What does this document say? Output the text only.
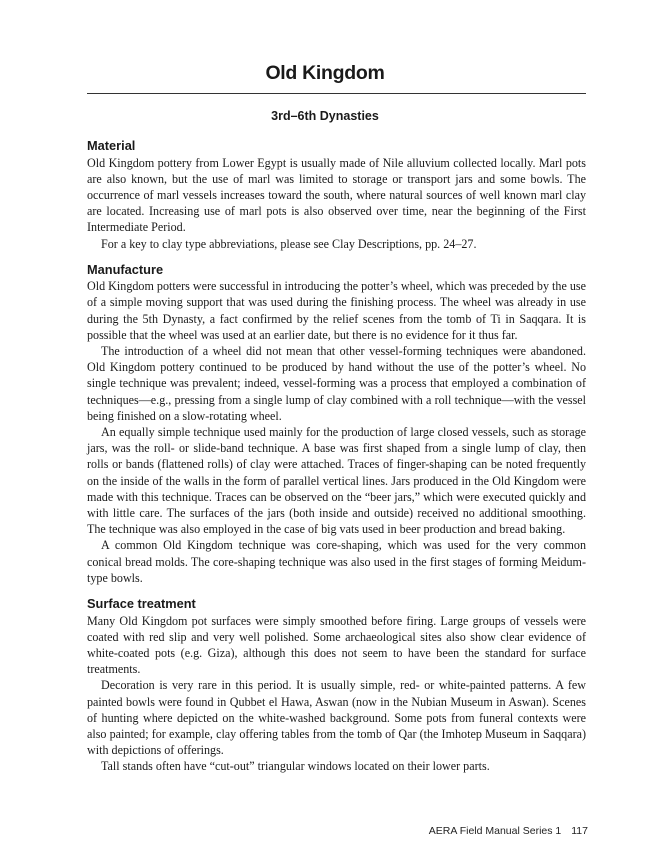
Old Kingdom
3rd–6th Dynasties
Material

Old Kingdom pottery from Lower Egypt is usually made of Nile alluvium collected locally. Marl pots are also known, but the use of marl was limited to storage or transport jars and some bowls. The occurrence of marl vessels increases toward the south, where natural sources of well known marl clay are located. Increasing use of marl pots is also observed over time, near the beginning of the First Intermediate Period.

For a key to clay type abbreviations, please see Clay Descriptions, pp. 24–27.

Manufacture

Old Kingdom potters were successful in introducing the potter’s wheel, which was preceded by the use of a simple moving support that was used during the finishing process. The wheel was already in use during the 5th Dynasty, a fact confirmed by the relief scenes from the tomb of Ti in Saqqara. It is possible that the wheel was used at an earlier date, but there is no evidence for it thus far.

The introduction of a wheel did not mean that other vessel-forming techniques were abandoned. Old Kingdom pottery continued to be produced by hand without the use of the potter’s wheel. No single technique was prevalent; indeed, vessel-forming was a process that employed a combination of techniques—e.g., pressing from a single lump of clay combined with a roll technique—with the vessel being finished on a slow-rotating wheel.

An equally simple technique used mainly for the production of large closed vessels, such as storage jars, was the roll- or slide-band technique. A base was first shaped from a single lump of clay, then rolls or bands (flattened rolls) of clay were attached. Traces of finger-shaping can be noted frequently on the inside of the walls in the form of parallel vertical lines. Jars produced in the Old Kingdom were made with this technique. Traces can be observed on the “beer jars,” which were executed quickly and with little care. The surfaces of the jars (both inside and outside) received no additional smoothing. The technique was also employed in the case of big vats used in beer production and bread baking.

A common Old Kingdom technique was core-shaping, which was used for the very common conical bread molds. The core-shaping technique was also used in the first stages of forming Meidum-type bowls.

Surface treatment

Many Old Kingdom pot surfaces were simply smoothed before firing. Large groups of vessels were coated with red slip and very well polished. Some archaeological sites also show clear evidence of white-coated pots (e.g. Giza), although this does not seem to have been the standard for surface treatments.

Decoration is very rare in this period. It is usually simple, red- or white-painted patterns. A few painted bowls were found in Qubbet el Hawa, Aswan (now in the Nubian Museum in Aswan). Scenes of hunting where depicted on the white-washed background. Some pots from funeral contexts were also painted; for example, clay offering tables from the tomb of Qar (the Imhotep Museum in Saqqara) with depictions of offerings.

Tall stands often have “cut-out” triangular windows located on their lower parts.

AERA Field Manual Series 1 117
